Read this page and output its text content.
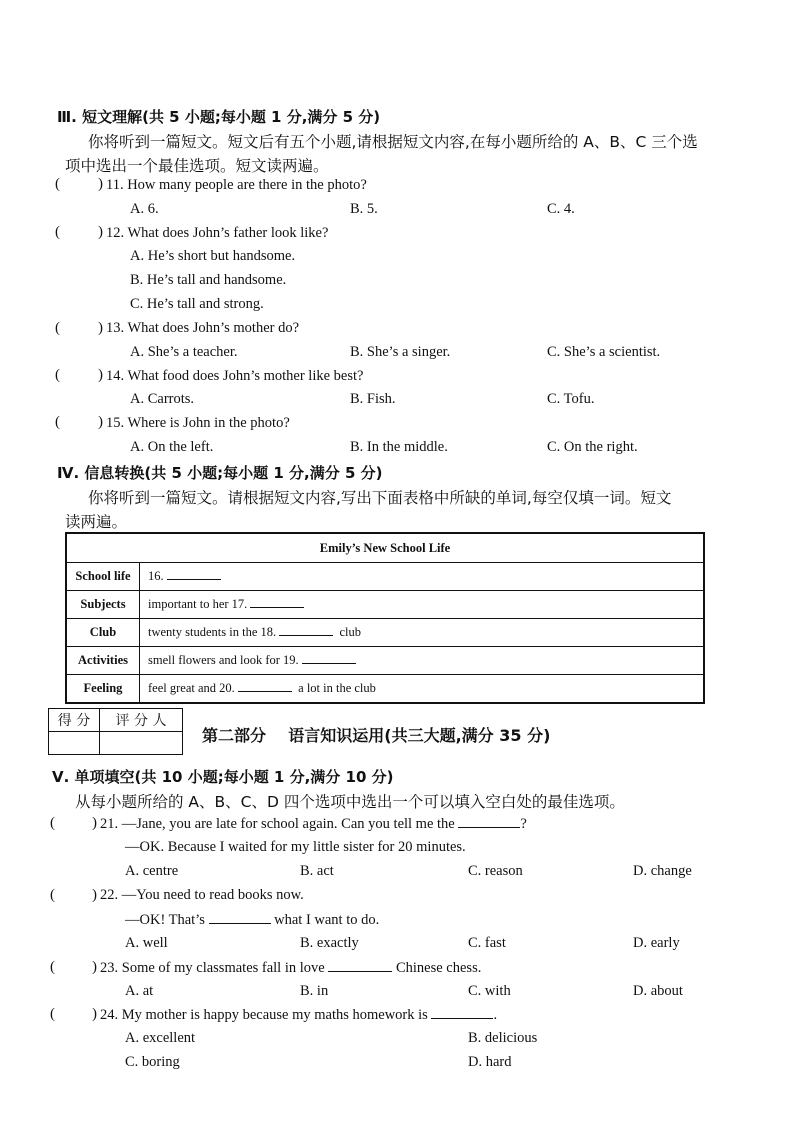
Ⅲ. 短文理解(共 5 小题;每小题 1 分,满分 5 分)
你将听到一篇短文。短文后有五个小题,请根据短文内容,在每小题所给的 A、B、C 三个选
项中选出一个最佳选项。短文读两遍。
(	) 11. How many people are there in the photo?
A. 6.	B. 5.	C. 4.
(	) 12. What does John’s father look like?
A. He’s short but handsome.
B. He’s tall and handsome.
C. He’s tall and strong.
(	) 13. What does John’s mother do?
A. She’s a teacher.	B. She’s a singer.	C. She’s a scientist.
(	) 14. What food does John’s mother like best?
A. Carrots.	B. Fish.	C. Tofu.
(	) 15. Where is John in the photo?
A. On the left.	B. In the middle.	C. On the right.
Ⅳ. 信息转换(共 5 小题;每小题 1 分,满分 5 分)
你将听到一篇短文。请根据短文内容,写出下面表格中所缺的单词,每空仅填一词。短文
读两遍。
Emily’s New School Life	
School life	16.
Subjects	important to her 17.
Club	twenty students in the 18. club
Activities	smell flowers and look for 19.
Feeling	feel great and 20. a lot in the club
得 分	评 分 人

第二部分    语言知识运用(共三大题,满分 35 分)
Ⅴ. 单项填空(共 10 小题;每小题 1 分,满分 10 分)
从每小题所给的 A、B、C、D 四个选项中选出一个可以填入空白处的最佳选项。
( ) 21. —Jane, you are late for school again. Can you tell me the	?
—OK. Because I waited for my little sister for 20 minutes.
A. centre	B. act	C. reason	D. change
( ) 22. —You need to read books now.
—OK! That’s	what I want to do.
A. well	B. exactly	C. fast	D. early
( ) 23. Some of my classmates fall in love	Chinese chess.
A. at	B. in	C. with	D. about
( ) 24. My mother is happy because my maths homework is	.
A. excellent	B. delicious
C. boring	D. hard
